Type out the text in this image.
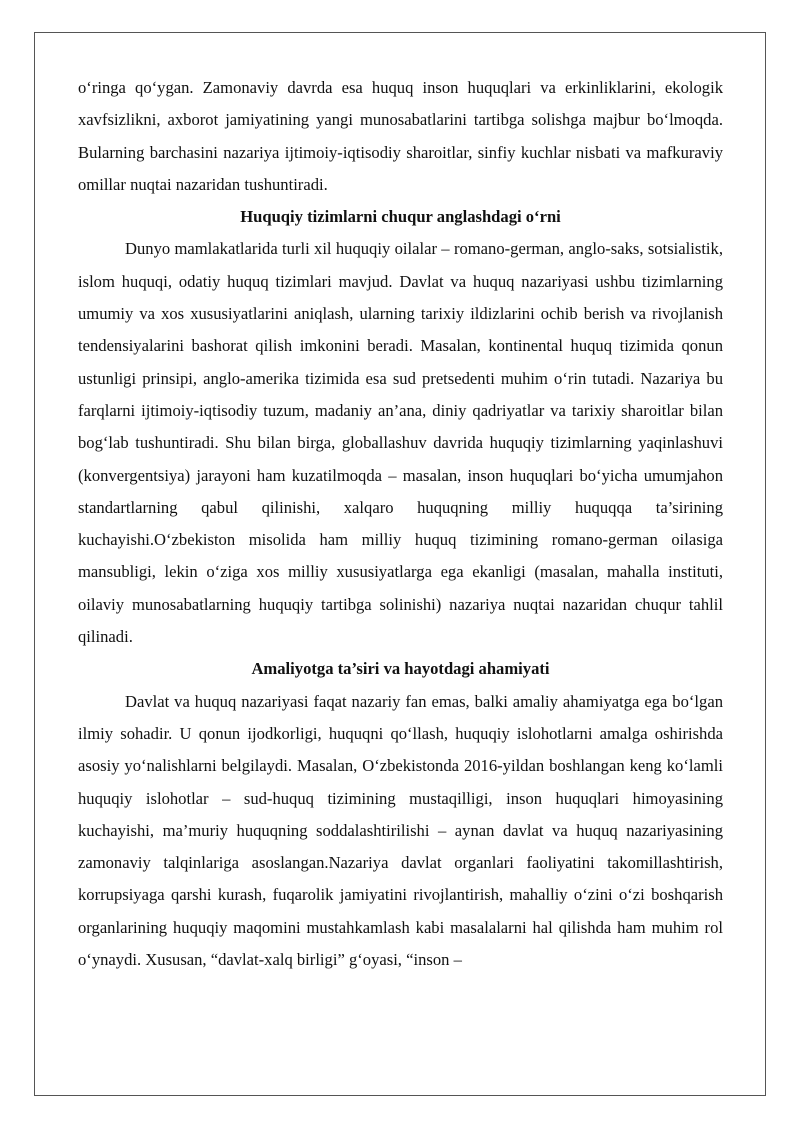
o‘ringa qo‘ygan. Zamonaviy davrda esa huquq inson huquqlari va erkinliklarini, ekologik xavfsizlikni, axborot jamiyatining yangi munosabatlarini tartibga solishga majbur bo‘lmoqda. Bularning barchasini nazariya ijtimoiy-iqtisodiy sharoitlar, sinfiy kuchlar nisbati va mafkuraviy omillar nuqtai nazaridan tushuntiradi.

Huquqiy tizimlarni chuqur anglashdagi o‘rni

Dunyo mamlakatlarida turli xil huquqiy oilalar – romano-german, anglo-saks, sotsialistik, islom huquqi, odatiy huquq tizimlari mavjud. Davlat va huquq nazariyasi ushbu tizimlarning umumiy va xos xususiyatlarini aniqlash, ularning tarixiy ildizlarini ochib berish va rivojlanish tendensiyalarini bashorat qilish imkonini beradi. Masalan, kontinental huquq tizimida qonun ustunligi prinsipi, anglo-amerika tizimida esa sud pretsedenti muhim o‘rin tutadi. Nazariya bu farqlarni ijtimoiy-iqtisodiy tuzum, madaniy an’ana, diniy qadriyatlar va tarixiy sharoitlar bilan bog‘lab tushuntiradi. Shu bilan birga, globallashuv davrida huquqiy tizimlarning yaqinlashuvi (konvergentsiya) jarayoni ham kuzatilmoqda – masalan, inson huquqlari bo‘yicha umumjahon standartlarning qabul qilinishi, xalqaro huquqning milliy huquqqa ta’sirining kuchayishi.O‘zbekiston misolida ham milliy huquq tizimining romano-german oilasiga mansubligi, lekin o‘ziga xos milliy xususiyatlarga ega ekanligi (masalan, mahalla instituti, oilaviy munosabatlarning huquqiy tartibga solinishi) nazariya nuqtai nazaridan chuqur tahlil qilinadi.

Amaliyotga ta’siri va hayotdagi ahamiyati

Davlat va huquq nazariyasi faqat nazariy fan emas, balki amaliy ahamiyatga ega bo‘lgan ilmiy sohadir. U qonun ijodkorligi, huquqni qo‘llash, huquqiy islohotlarni amalga oshirishda asosiy yo‘nalishlarni belgilaydi. Masalan, O‘zbekistonda 2016-yildan boshlangan keng ko‘lamli huquqiy islohotlar – sud-huquq tizimining mustaqilligi, inson huquqlari himoyasining kuchayishi, ma’muriy huquqning soddalashtirilishi – aynan davlat va huquq nazariyasining zamonaviy talqinlariga asoslangan.Nazariya davlat organlari faoliyatini takomillashtirish, korrupsiyaga qarshi kurash, fuqarolik jamiyatini rivojlantirish, mahalliy o‘zini o‘zi boshqarish organlarining huquqiy maqomini mustahkamlash kabi masalalarni hal qilishda ham muhim rol o‘ynaydi. Xususan, “davlat-xalq birligi” g‘oyasi, “inson –
